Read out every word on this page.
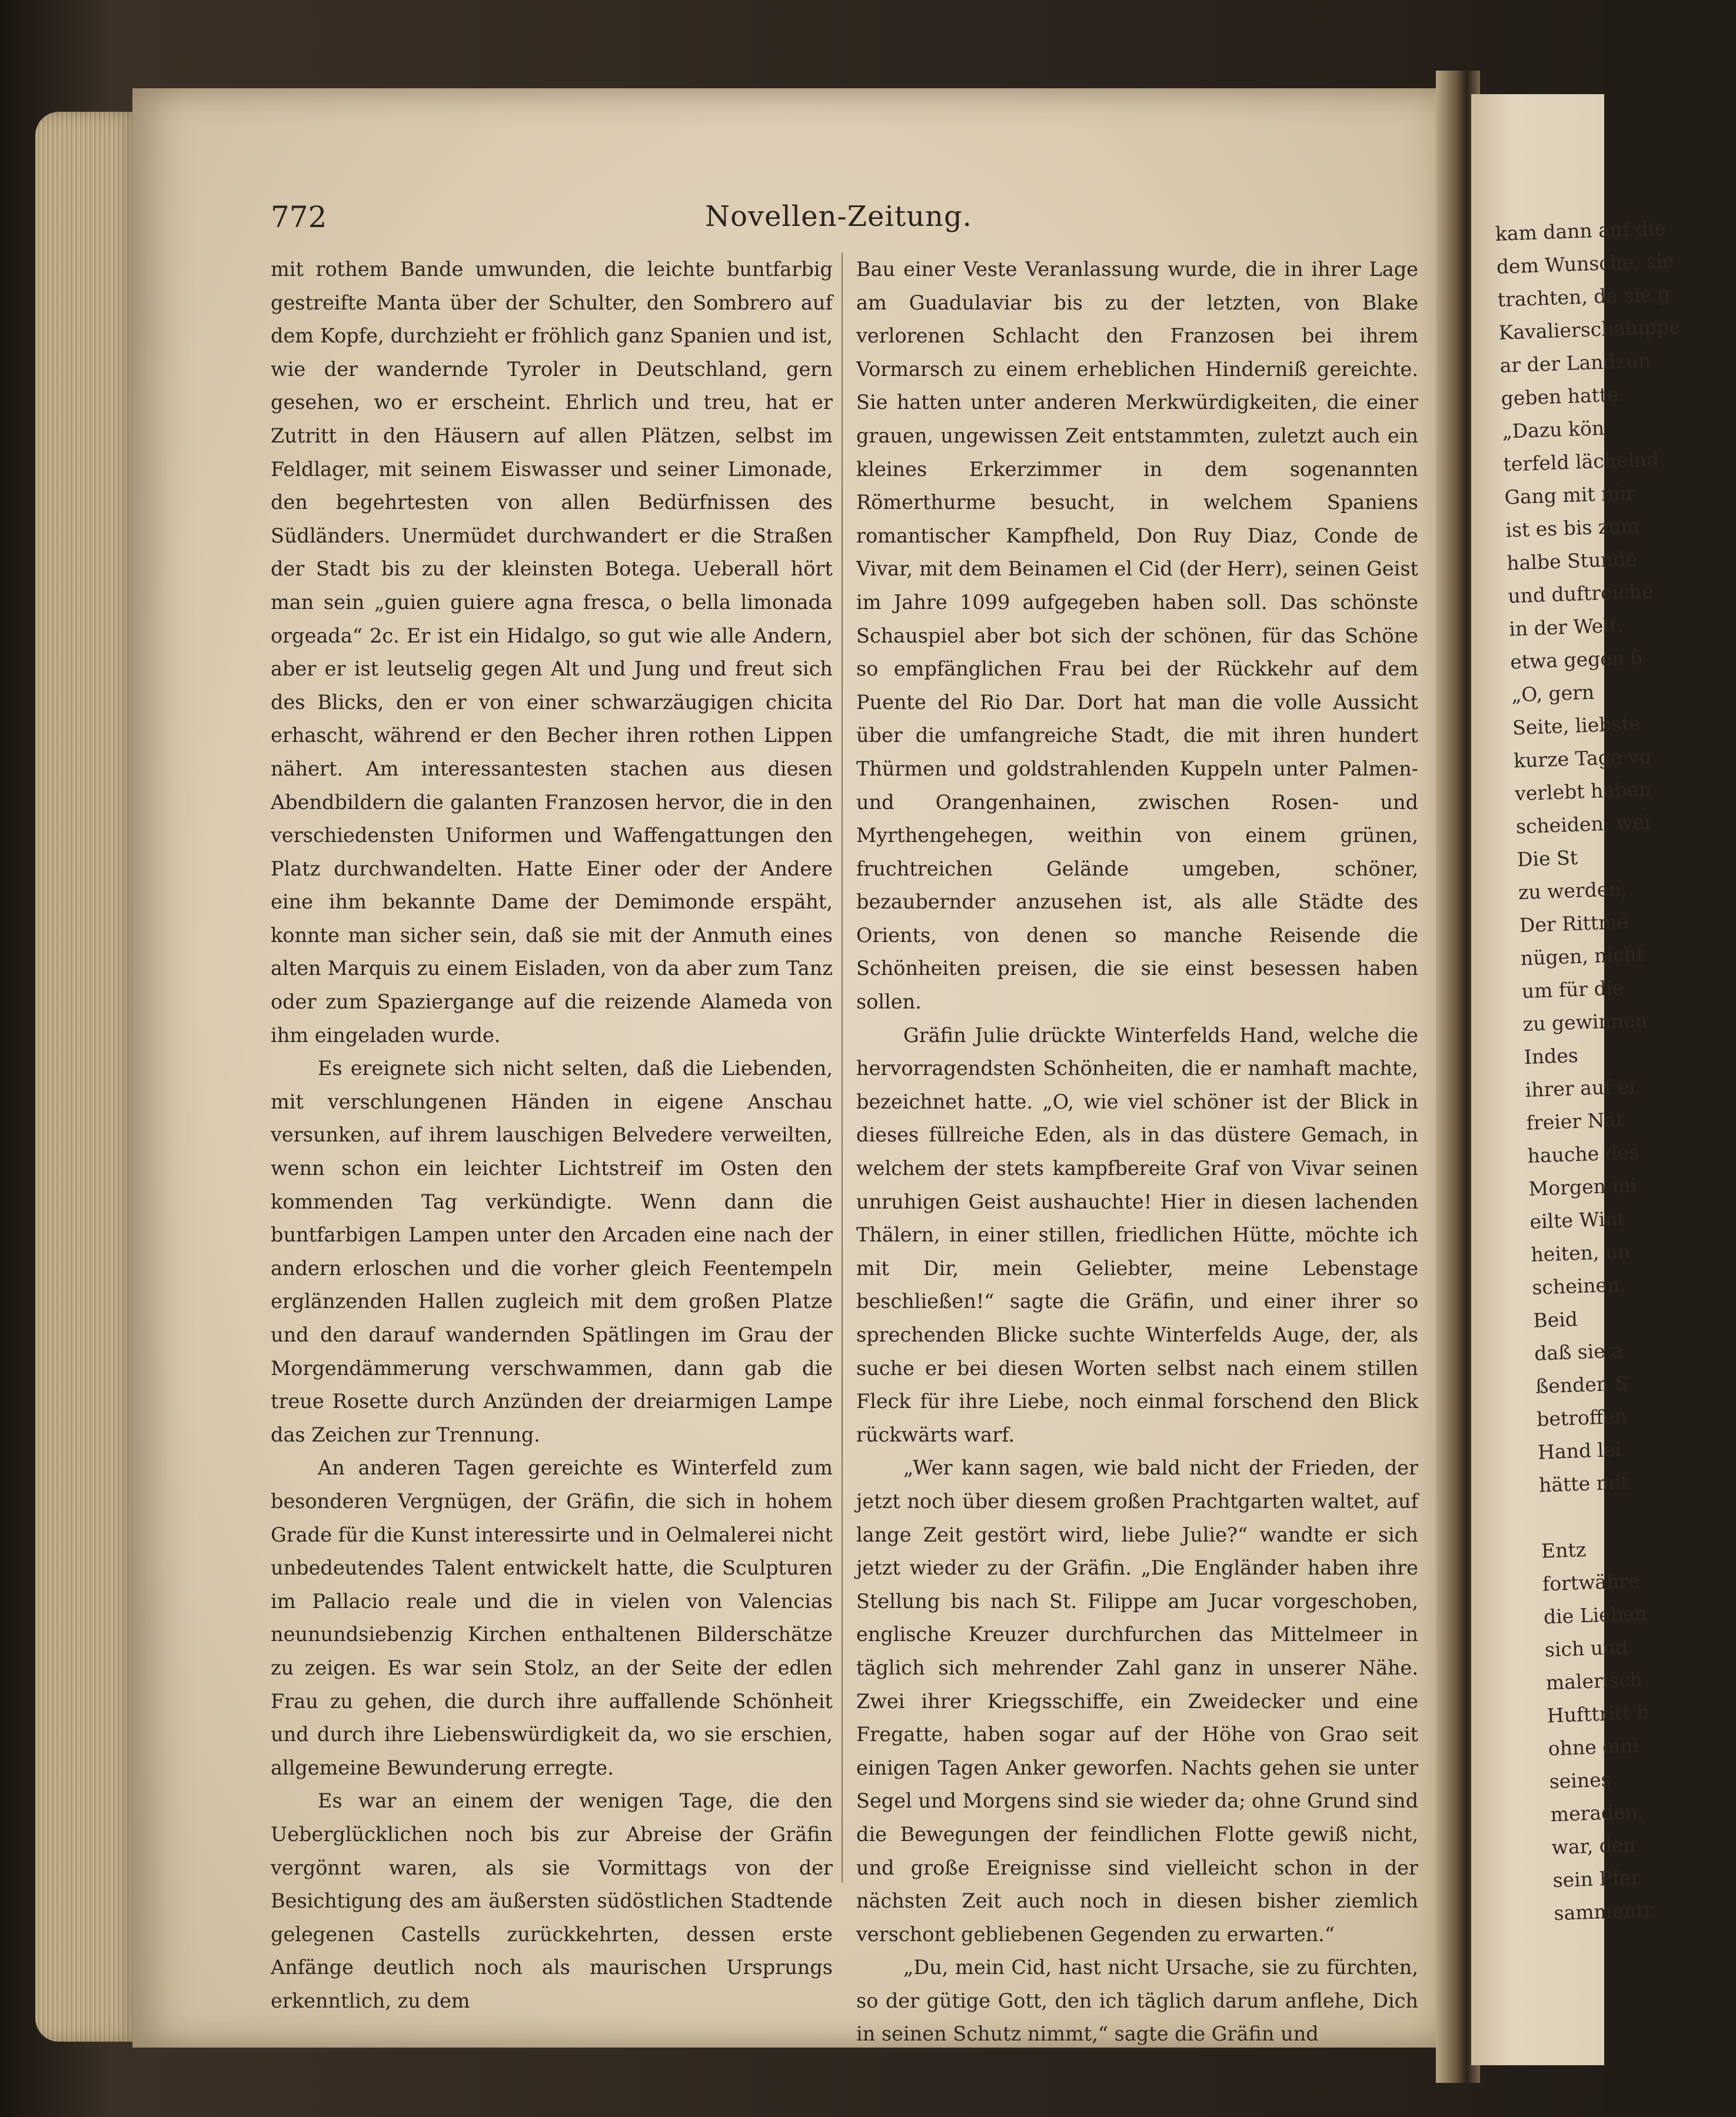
kam dann auf die
dem Wunsche, sie
trachten, da sie g
Kavalierschaluppe
ar der Landzun
geben hatte.
„Dazu kön
terfeld lächelnd
Gang mit mir
ist es bis zum
halbe Stunde
und duftreiche
in der Welt.
etwa gegen 6
„O, gern
Seite, liebste
kurze Tage vo
verlebt haben
scheiden; wei
Die St
zu werden,
Der Rittme
nügen, nicht
um für die
zu gewinnen
Indes
ihrer auf ei
freier Nat
hauche des
Morgen mi
eilte Wint
heiten, un
scheinen.
Beid
daß sie a
ßenden S
betroffen
Hand lei
hätte mit
Entz
fortwähre
die Lieben
sich und
malerisch
Hufttritt b
ohne eini
seines
meraden,
war, den
sein Pfer
sammentr
772	Novellen-Zeitung.

mit rothem Bande umwunden, die leichte buntfarbig gestreifte Manta über der Schulter, den Sombrero auf dem Kopfe, durchzieht er fröhlich ganz Spanien und ist, wie der wandernde Tyroler in Deutschland, gern gesehen, wo er erscheint. Ehrlich und treu, hat er Zutritt in den Häusern auf allen Plätzen, selbst im Feldlager, mit seinem Eiswasser und seiner Limonade, den begehrtesten von allen Bedürfnissen des Südländers. Unermüdet durchwandert er die Straßen der Stadt bis zu der kleinsten Botega. Ueberall hört man sein „guien guiere agna fresca, o bella limonada orgeada“ 2c. Er ist ein Hidalgo, so gut wie alle Andern, aber er ist leutselig gegen Alt und Jung und freut sich des Blicks, den er von einer schwarzäugigen chicita erhascht, während er den Becher ihren rothen Lippen nähert. Am interessantesten stachen aus diesen Abendbildern die galanten Franzosen hervor, die in den verschiedensten Uniformen und Waffengattungen den Platz durchwandelten. Hatte Einer oder der Andere eine ihm bekannte Dame der Demimonde erspäht, konnte man sicher sein, daß sie mit der Anmuth eines alten Marquis zu einem Eisladen, von da aber zum Tanz oder zum Spaziergange auf die reizende Alameda von ihm eingeladen wurde.

Es ereignete sich nicht selten, daß die Liebenden, mit verschlungenen Händen in eigene Anschau versunken, auf ihrem lauschigen Belvedere verweilten, wenn schon ein leichter Lichtstreif im Osten den kommenden Tag verkündigte. Wenn dann die buntfarbigen Lampen unter den Arcaden eine nach der andern erloschen und die vorher gleich Feentempeln erglänzenden Hallen zugleich mit dem großen Platze und den darauf wandernden Spätlingen im Grau der Morgendämmerung verschwammen, dann gab die treue Rosette durch Anzünden der dreiarmigen Lampe das Zeichen zur Trennung.

An anderen Tagen gereichte es Winterfeld zum besonderen Vergnügen, der Gräfin, die sich in hohem Grade für die Kunst interessirte und in Oelmalerei nicht unbedeutendes Talent entwickelt hatte, die Sculpturen im Pallacio reale und die in vielen von Valencias neunundsiebenzig Kirchen enthaltenen Bilderschätze zu zeigen. Es war sein Stolz, an der Seite der edlen Frau zu gehen, die durch ihre auffallende Schönheit und durch ihre Liebenswürdigkeit da, wo sie erschien, allgemeine Bewunderung erregte.

Es war an einem der wenigen Tage, die den Ueberglücklichen noch bis zur Abreise der Gräfin vergönnt waren, als sie Vormittags von der Besichtigung des am äußersten südöstlichen Stadtende gelegenen Castells zurückkehrten, dessen erste Anfänge deutlich noch als maurischen Ursprungs erkenntlich, zu dem

Bau einer Veste Veranlassung wurde, die in ihrer Lage am Guadulaviar bis zu der letzten, von Blake verlorenen Schlacht den Franzosen bei ihrem Vormarsch zu einem erheblichen Hinderniß gereichte. Sie hatten unter anderen Merkwürdigkeiten, die einer grauen, ungewissen Zeit entstammten, zuletzt auch ein kleines Erkerzimmer in dem sogenannten Römerthurme besucht, in welchem Spaniens romantischer Kampfheld, Don Ruy Diaz, Conde de Vivar, mit dem Beinamen el Cid (der Herr), seinen Geist im Jahre 1099 aufgegeben haben soll. Das schönste Schauspiel aber bot sich der schönen, für das Schöne so empfänglichen Frau bei der Rückkehr auf dem Puente del Rio Dar. Dort hat man die volle Aussicht über die umfangreiche Stadt, die mit ihren hundert Thürmen und goldstrahlenden Kuppeln unter Palmen- und Orangenhainen, zwischen Rosen- und Myrthengehegen, weithin von einem grünen, fruchtreichen Gelände umgeben, schöner, bezaubernder anzusehen ist, als alle Städte des Orients, von denen so manche Reisende die Schönheiten preisen, die sie einst besessen haben sollen.

Gräfin Julie drückte Winterfelds Hand, welche die hervorragendsten Schönheiten, die er namhaft machte, bezeichnet hatte. „O, wie viel schöner ist der Blick in dieses füllreiche Eden, als in das düstere Gemach, in welchem der stets kampfbereite Graf von Vivar seinen unruhigen Geist aushauchte! Hier in diesen lachenden Thälern, in einer stillen, friedlichen Hütte, möchte ich mit Dir, mein Geliebter, meine Lebenstage beschließen!“ sagte die Gräfin, und einer ihrer so sprechenden Blicke suchte Winterfelds Auge, der, als suche er bei diesen Worten selbst nach einem stillen Fleck für ihre Liebe, noch einmal forschend den Blick rückwärts warf.

„Wer kann sagen, wie bald nicht der Frieden, der jetzt noch über diesem großen Prachtgarten waltet, auf lange Zeit gestört wird, liebe Julie?“ wandte er sich jetzt wieder zu der Gräfin. „Die Engländer haben ihre Stellung bis nach St. Filippe am Jucar vorgeschoben, englische Kreuzer durchfurchen das Mittelmeer in täglich sich mehrender Zahl ganz in unserer Nähe. Zwei ihrer Kriegsschiffe, ein Zweidecker und eine Fregatte, haben sogar auf der Höhe von Grao seit einigen Tagen Anker geworfen. Nachts gehen sie unter Segel und Morgens sind sie wieder da; ohne Grund sind die Bewegungen der feindlichen Flotte gewiß nicht, und große Ereignisse sind vielleicht schon in der nächsten Zeit auch noch in diesen bisher ziemlich verschont gebliebenen Gegenden zu erwarten.“

„Du, mein Cid, hast nicht Ursache, sie zu fürchten, so der gütige Gott, den ich täglich darum anflehe, Dich in seinen Schutz nimmt,“ sagte die Gräfin und
